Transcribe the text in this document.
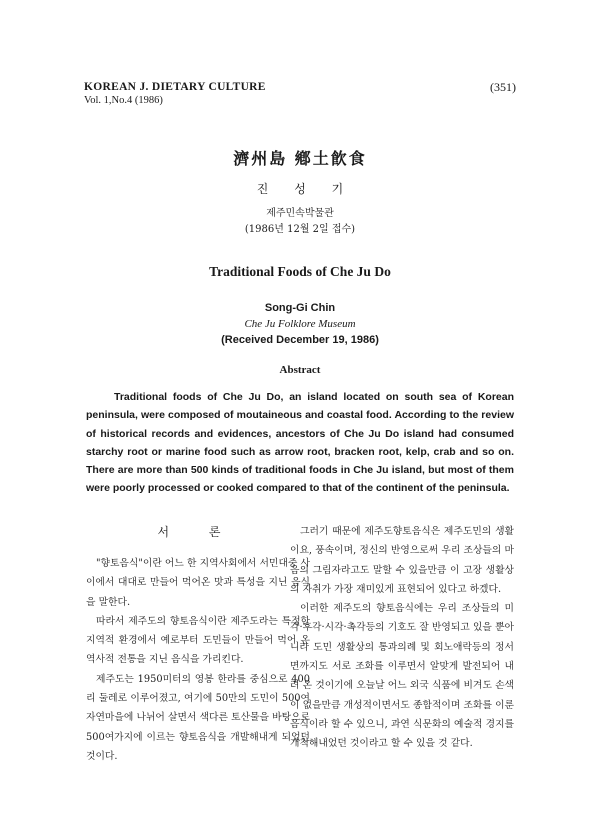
KOREAN J. DIETARY CULTURE
Vol. 1,No.4 (1986)
(351)
濟州島 鄕土飮食
진 성 기
제주민속박물관
(1986년 12월 2일 접수)
Traditional Foods of Che Ju Do
Song-Gi Chin
Che Ju Folklore Museum
(Received December 19, 1986)
Abstract

Traditional foods of Che Ju Do, an island located on south sea of Korean peninsula, were composed of moutaineous and coastal food. According to the review of historical records and evidences, ancestors of Che Ju Do island had consumed starchy root or marine food such as arrow root, bracken root, kelp, crab and so on. There are more than 500 kinds of traditional foods in Che Ju island, but most of them were poorly processed or cooked compared to that of the continent of the peninsula.

서 론

"향토음식"이란 어느 한 지역사회에서 서민대중 사이에서 대대로 만들어 먹어온 맛과 특성을 지닌 음식을 말한다.

따라서 제주도의 향토음식이란 제주도라는 특정한 지역적 환경에서 예로부터 도민들이 만들어 먹어 온 역사적 전통을 지닌 음식을 가리킨다.

제주도는 1950미터의 영봉 한라를 중심으로 400리 둘레로 이루어졌고, 여기에 50만의 도민이 500여 자연마을에 나뉘어 살면서 색다른 토산물을 바탕으로 500여가지에 이르는 향토음식을 개발해내게 되었던 것이다.

그러기 때문에 제주도향토음식은 제주도민의 생활이요, 풍속이며, 정신의 반영으로써 우리 조상들의 마음의 그림자라고도 말할 수 있을만큼 이 고장 생활상의 자취가 가장 재미있게 표현되어 있다고 하겠다.

이러한 제주도의 향토음식에는 우리 조상들의 미각·후각·시각·촉각등의 기호도 잘 반영되고 있을 뿐아니라 도민 생활상의 통과의례 및 회노애락등의 정서면까지도 서로 조화를 이루면서 알맞게 발전되어 내려 온 것이기에 오늘날 어느 외국 식품에 비겨도 손색이 없을만큼 개성적이면서도 종합적이며 조화를 이룬 음식이라 할 수 있으니, 과연 식문화의 예술적 경지를 개척해내었던 것이라고 할 수 있을 것 같다.
